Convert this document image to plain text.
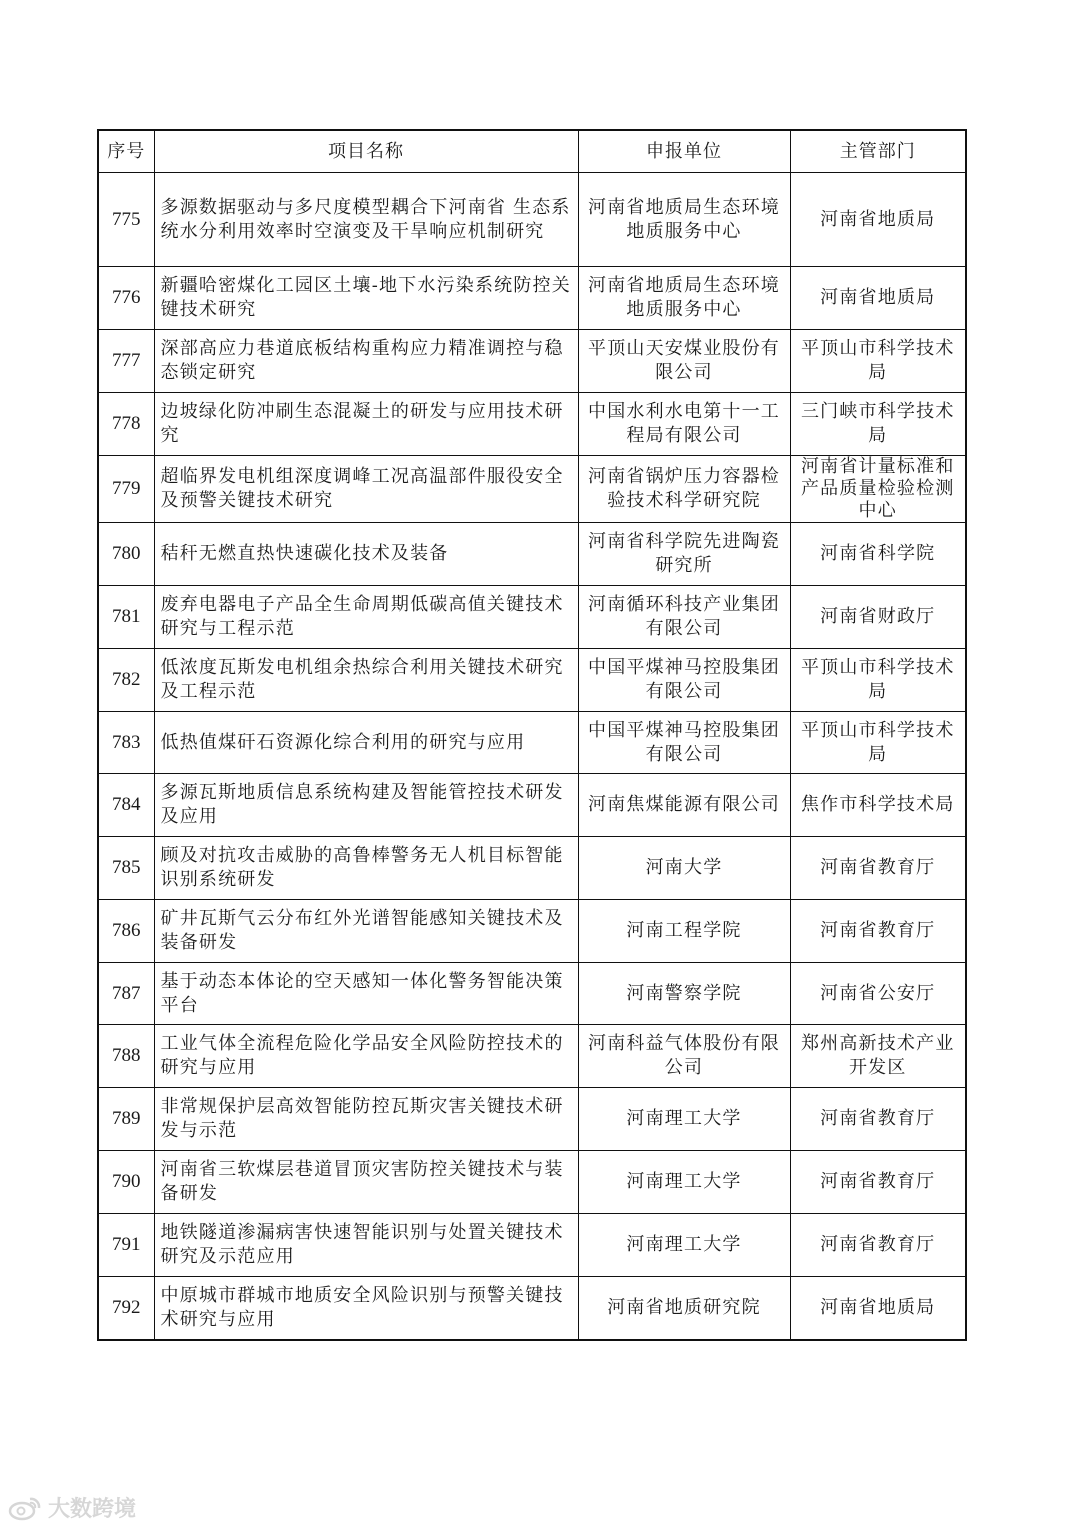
序号	项目名称	申报单位	主管部门
775	多源数据驱动与多尺度模型耦合下河南省 生态系统水分利用效率时空演变及干旱响应机制研究	河南省地质局生态环境地质服务中心	河南省地质局
776	新疆哈密煤化工园区土壤-地下水污染系统防控关键技术研究	河南省地质局生态环境地质服务中心	河南省地质局
777	深部高应力巷道底板结构重构应力精准调控与稳态锁定研究	平顶山天安煤业股份有限公司	平顶山市科学技术局
778	边坡绿化防冲刷生态混凝土的研发与应用技术研究	中国水利水电第十一工程局有限公司	三门峡市科学技术局
779	超临界发电机组深度调峰工况高温部件服役安全及预警关键技术研究	河南省锅炉压力容器检验技术科学研究院	河南省计量标准和产品质量检验检测中心
780	秸秆无燃直热快速碳化技术及装备	河南省科学院先进陶瓷研究所	河南省科学院
781	废弃电器电子产品全生命周期低碳高值关键技术研究与工程示范	河南循环科技产业集团有限公司	河南省财政厅
782	低浓度瓦斯发电机组余热综合利用关键技术研究及工程示范	中国平煤神马控股集团有限公司	平顶山市科学技术局
783	低热值煤矸石资源化综合利用的研究与应用	中国平煤神马控股集团有限公司	平顶山市科学技术局
784	多源瓦斯地质信息系统构建及智能管控技术研发及应用	河南焦煤能源有限公司	焦作市科学技术局
785	顾及对抗攻击威胁的高鲁棒警务无人机目标智能识别系统研发	河南大学	河南省教育厅
786	矿井瓦斯气云分布红外光谱智能感知关键技术及装备研发	河南工程学院	河南省教育厅
787	基于动态本体论的空天感知一体化警务智能决策平台	河南警察学院	河南省公安厅
788	工业气体全流程危险化学品安全风险防控技术的研究与应用	河南科益气体股份有限公司	郑州高新技术产业开发区
789	非常规保护层高效智能防控瓦斯灾害关键技术研发与示范	河南理工大学	河南省教育厅
790	河南省三软煤层巷道冒顶灾害防控关键技术与装备研发	河南理工大学	河南省教育厅
791	地铁隧道渗漏病害快速智能识别与处置关键技术研究及示范应用	河南理工大学	河南省教育厅
792	中原城市群城市地质安全风险识别与预警关键技术研究与应用	河南省地质研究院	河南省地质局
大数跨境
